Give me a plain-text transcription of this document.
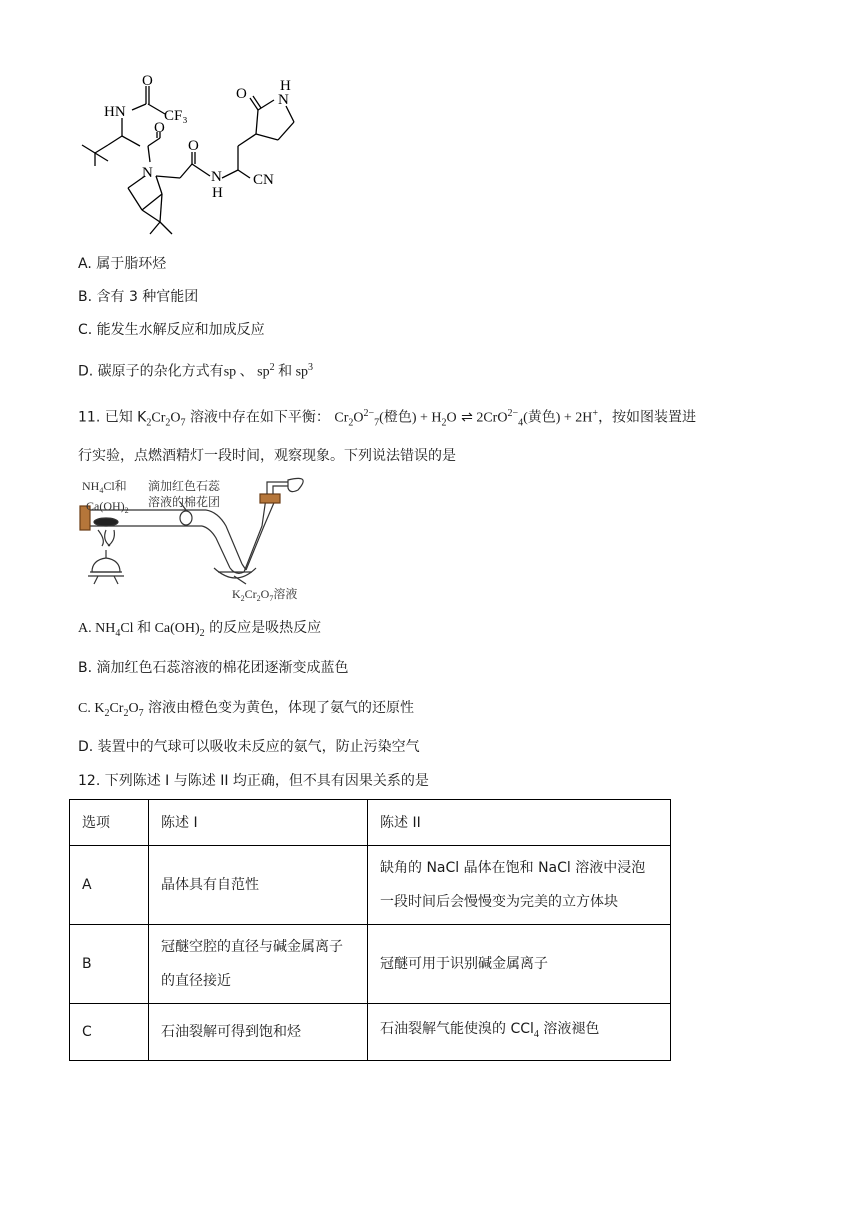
HN
O
CF₃
O
N
O
N
H
CN
O N
H
A. 属于脂环烃
B. 含有 3 种官能团
C. 能发生水解反应和加成反应
D. 碳原子的杂化方式有sp 、 $sp^2$ 和 $sp^3$
11. 已知 $K_2Cr_2O_7$ 溶液中存在如下平衡： $Cr_2O^{2-}_7$(橙色) + $H_2O$ ⇌ 2CrO$^{2-}_4$(黄色) + 2H+，按如图装置进
行实验，点燃酒精灯一段时间，观察现象。下列说法错误的是
$NH_4Cl$和
$Ca(OH)_2$
滴加红色石蕊
溶液的棉花团
$K_2Cr_2O_7$溶液
A. $NH_4Cl$ 和 $Ca(OH)_2$ 的反应是吸热反应
B. 滴加红色石蕊溶液的棉花团逐渐变成蓝色
C. $K_2Cr_2O_7$ 溶液由橙色变为黄色，体现了氨气的还原性
D. 装置中的气球可以吸收未反应的氨气，防止污染空气
12. 下列陈述 I 与陈述 II 均正确，但不具有因果关系的是
选项	陈述 I	陈述 II
A	晶体具有自范性	缺角的 NaCl 晶体在饱和 NaCl 溶液中浸泡
一段时间后会慢慢变为完美的立方体块

B	冠醚空腔的直径与碱金属离子
的直径接近	冠醚可用于识别碱金属离子
C	石油裂解可得到饱和烃	石油裂解气能使溴的 CCl$_4$ 溶液褪色
